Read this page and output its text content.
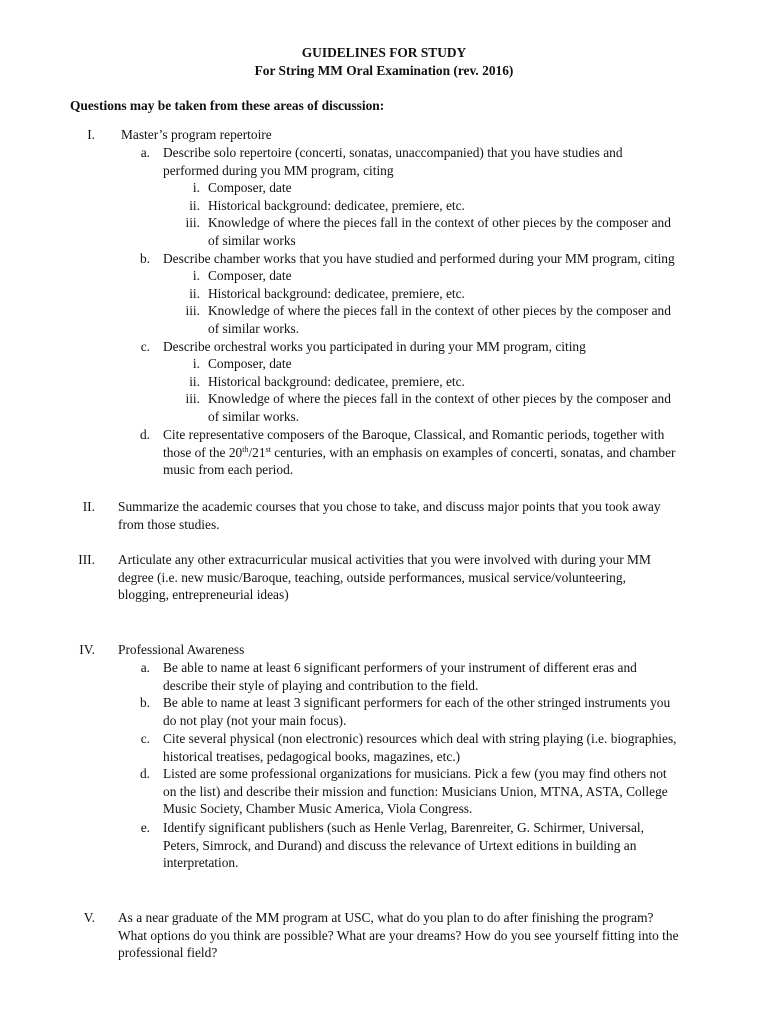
GUIDELINES FOR STUDY
For String MM Oral Examination (rev. 2016)
Questions may be taken from these areas of discussion:
I. Master’s program repertoire
a. Describe solo repertoire (concerti, sonatas, unaccompanied) that you have studies and
performed during you MM program, citing
i. Composer, date
ii. Historical background: dedicatee, premiere, etc.
iii. Knowledge of where the pieces fall in the context of other pieces by the composer and
of similar works
b. Describe chamber works that you have studied and performed during your MM program, citing
i. Composer, date
ii. Historical background: dedicatee, premiere, etc.
iii. Knowledge of where the pieces fall in the context of other pieces by the composer and
of similar works.
c. Describe orchestral works you participated in during your MM program, citing
i. Composer, date
ii. Historical background: dedicatee, premiere, etc.
iii. Knowledge of where the pieces fall in the context of other pieces by the composer and
of similar works.
d. Cite representative composers of the Baroque, Classical, and Romantic periods, together with
those of the 20th/21st centuries, with an emphasis on examples of concerti, sonatas, and chamber
music from each period.
II. Summarize the academic courses that you chose to take, and discuss major points that you took away
from those studies.
III. Articulate any other extracurricular musical activities that you were involved with during your MM
degree (i.e. new music/Baroque, teaching, outside performances, musical service/volunteering,
blogging, entrepreneurial ideas)
IV. Professional Awareness
a. Be able to name at least 6 significant performers of your instrument of different eras and
describe their style of playing and contribution to the field.
b. Be able to name at least 3 significant performers for each of the other stringed instruments you
do not play (not your main focus).
c. Cite several physical (non electronic) resources which deal with string playing (i.e. biographies,
historical treatises, pedagogical books, magazines, etc.)
d. Listed are some professional organizations for musicians. Pick a few (you may find others not
on the list) and describe their mission and function: Musicians Union, MTNA, ASTA, College
Music Society, Chamber Music America, Viola Congress.
e. Identify significant publishers (such as Henle Verlag, Barenreiter, G. Schirmer, Universal,
Peters, Simrock, and Durand) and discuss the relevance of Urtext editions in building an
interpretation.
V. As a near graduate of the MM program at USC, what do you plan to do after finishing the program?
What options do you think are possible? What are your dreams? How do you see yourself fitting into the
professional field?
